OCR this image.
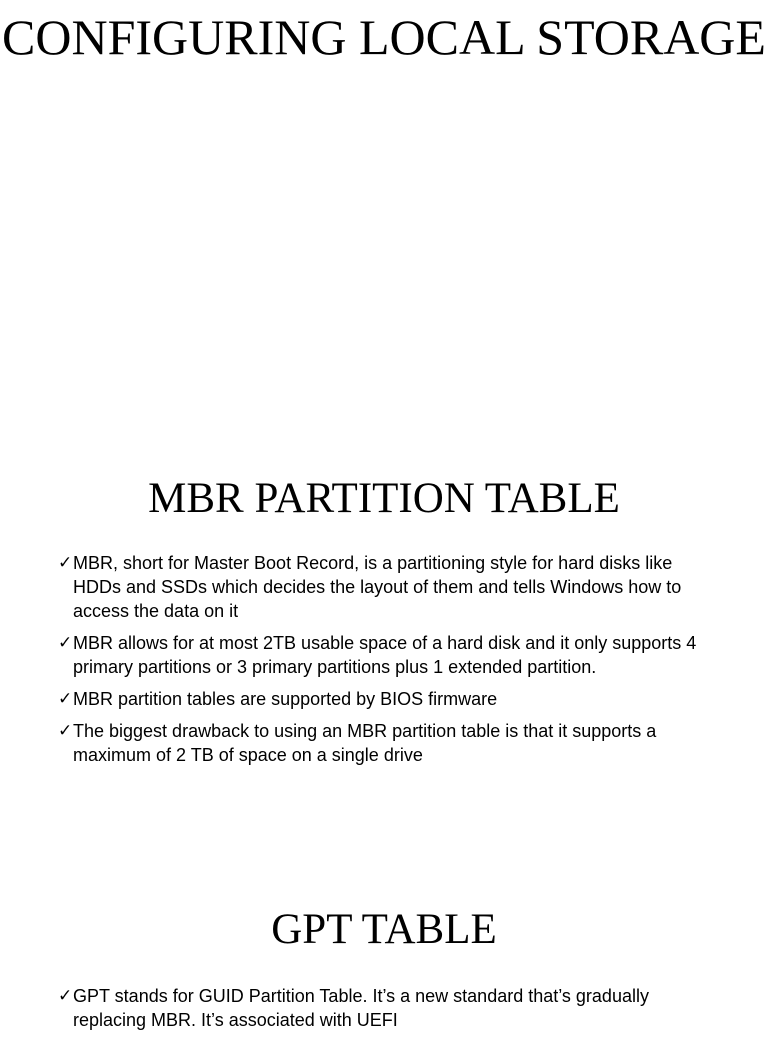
CONFIGURING LOCAL STORAGE
MBR PARTITION TABLE
✓ MBR, short for Master Boot Record, is a partitioning style for hard disks like HDDs and SSDs which decides the layout of them and tells Windows how to access the data on it
✓ MBR allows for at most 2TB usable space of a hard disk and it only supports 4 primary partitions or 3 primary partitions plus 1 extended partition.
✓ MBR partition tables are supported by BIOS firmware
✓ The biggest drawback to using an MBR partition table is that it supports a maximum of 2 TB of space on a single drive
GPT TABLE
✓ GPT stands for GUID Partition Table. It’s a new standard that’s gradually replacing MBR. It’s associated with UEFI
